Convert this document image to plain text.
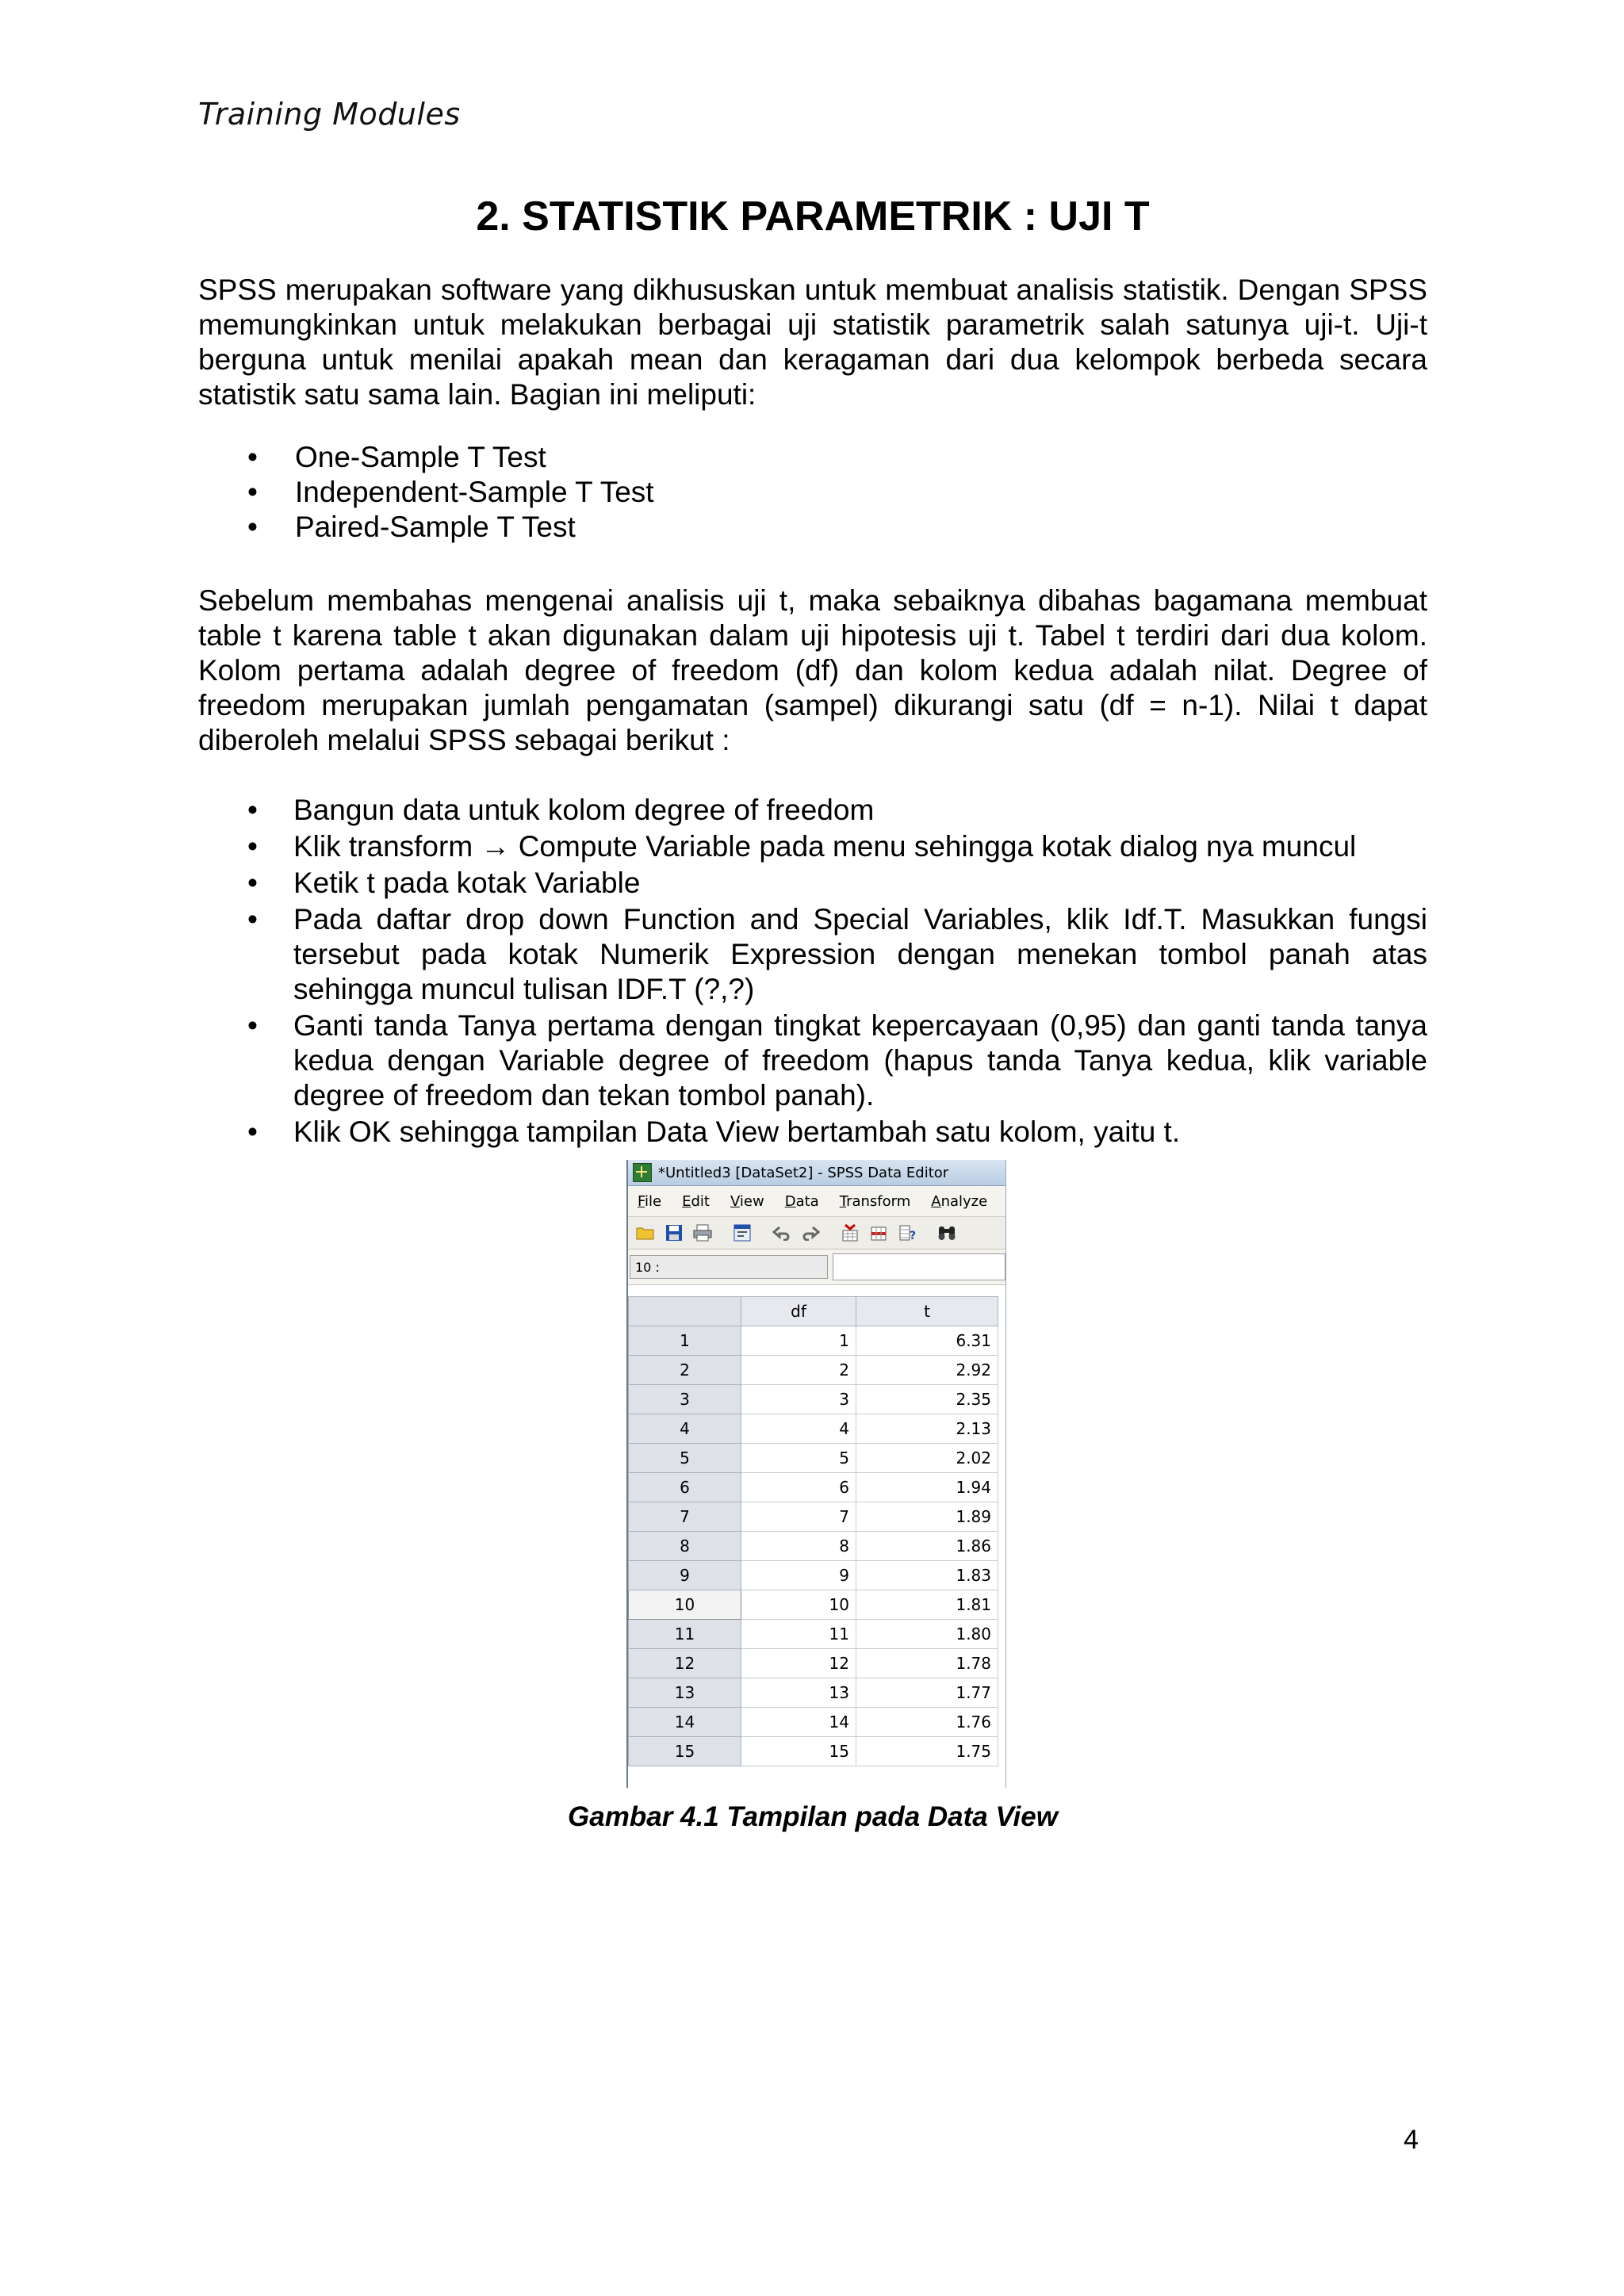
Training Modules
2. STATISTIK PARAMETRIK : UJI T

SPSS merupakan software yang dikhususkan untuk membuat analisis statistik. Dengan SPSS memungkinkan untuk melakukan berbagai uji statistik parametrik salah satunya uji-t. Uji-t berguna untuk menilai apakah mean dan keragaman dari dua kelompok berbeda secara statistik satu sama lain. Bagian ini meliputi:

• One-Sample T Test
• Independent-Sample T Test
• Paired-Sample T Test

Sebelum membahas mengenai analisis uji t, maka sebaiknya dibahas bagamana membuat table t karena table t akan digunakan dalam uji hipotesis uji t. Tabel t terdiri dari dua kolom. Kolom pertama adalah degree of freedom (df) dan kolom kedua adalah nilat. Degree of freedom merupakan jumlah pengamatan (sampel) dikurangi satu (df = n-1). Nilai t dapat diberoleh melalui SPSS sebagai berikut :

• Bangun data untuk kolom degree of freedom
• Klik transform → Compute Variable pada menu sehingga kotak dialog nya muncul
• Ketik t pada kotak Variable
• Pada daftar drop down Function and Special Variables, klik Idf.T. Masukkan fungsi tersebut pada kotak Numerik Expression dengan menekan tombol panah atas sehingga muncul tulisan IDF.T (?,?)
• Ganti tanda Tanya pertama dengan tingkat kepercayaan (0,95) dan ganti tanda tanya kedua dengan Variable degree of freedom (hapus tanda Tanya kedua, klik variable degree of freedom dan tekan tombol panah).
• Klik OK sehingga tampilan Data View bertambah satu kolom, yaitu t.
*Untitled3 [DataSet2] - SPSS Data Editor
File Edit View Data Transform Analyze
?
10 :
	df	t
1	1	6.31
2	2	2.92
3	3	2.35
4	4	2.13
5	5	2.02
6	6	1.94
7	7	1.89
8	8	1.86
9	9	1.83
10	10	1.81
11	11	1.80
12	12	1.78
13	13	1.77
14	14	1.76
15	15	1.75
Gambar 4.1 Tampilan pada Data View
4
